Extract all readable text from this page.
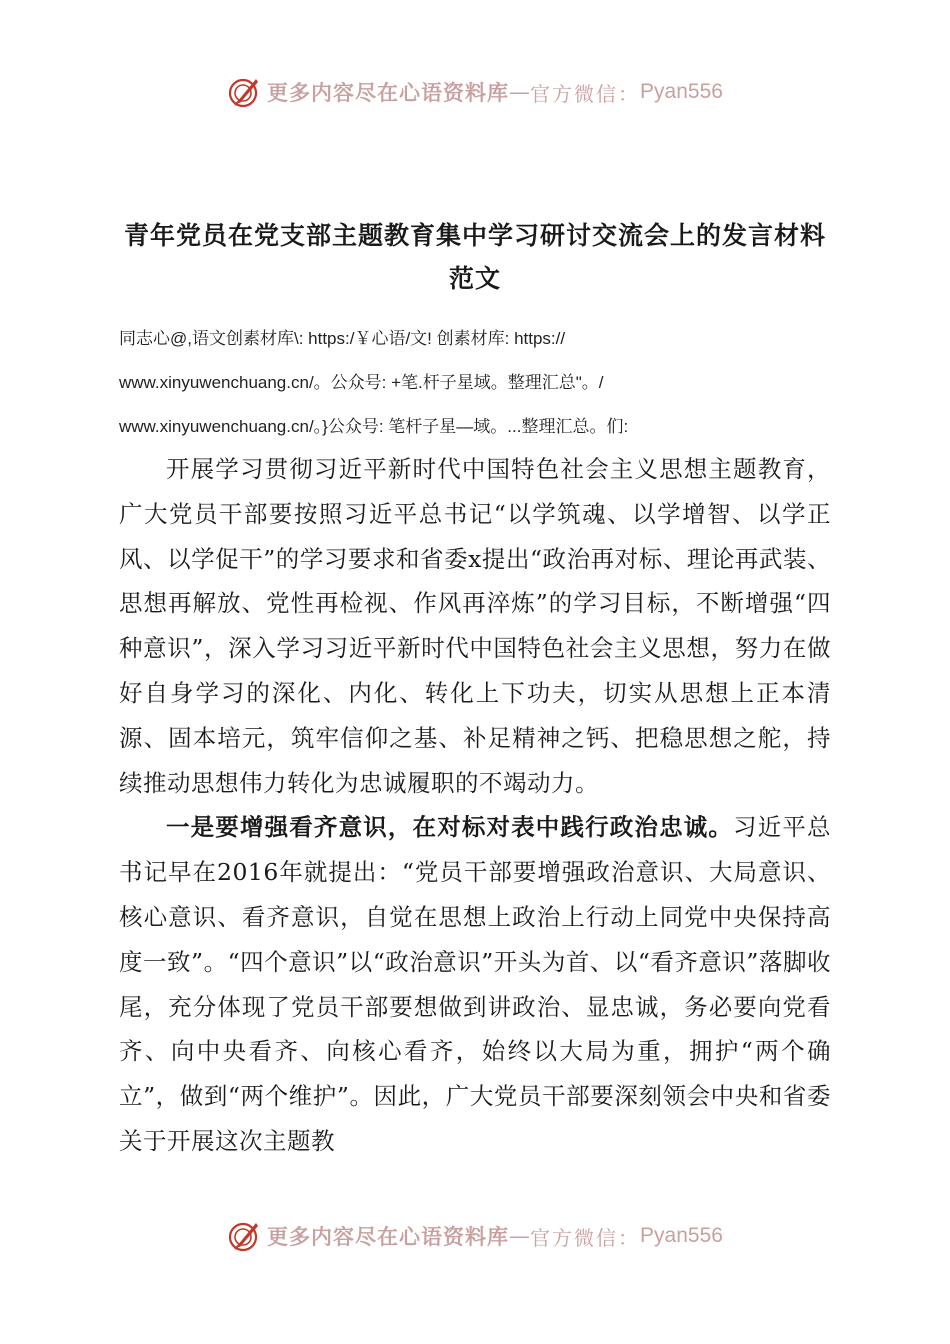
更多内容尽在心语资料库 — 官方微信： Pyan556
青年党员在党支部主题教育集中学习研讨交流会上的发言材料
范文
同志心@,语文创素材库\: https:/￥心语/文! 创素材库: https://
www.xinyuwenchuang.cn/。公众号: +笔.杆子星域。整理汇总"。/
www.xinyuwenchuang.cn/。}公众号: 笔杆子星—域。...整理汇总。们:

开展学习贯彻习近平新时代中国特色社会主义思想主题教育，广大党员干部要按照习近平总书记“以学筑魂、以学增智、以学正风、以学促干”的学习要求和省委x提出“政治再对标、理论再武装、思想再解放、党性再检视、作风再淬炼”的学习目标，不断增强“四种意识”，深入学习习近平新时代中国特色社会主义思想，努力在做好自身学习的深化、内化、转化上下功夫，切实从思想上正本清源、固本培元，筑牢信仰之基、补足精神之钙、把稳思想之舵，持续推动思想伟力转化为忠诚履职的不竭动力。

一是要增强看齐意识，在对标对表中践行政治忠诚。习近平总书记早在2016年就提出：“党员干部要增强政治意识、大局意识、核心意识、看齐意识，自觉在思想上政治上行动上同党中央保持高度一致”。“四个意识”以“政治意识”开头为首、以“看齐意识”落脚收尾，充分体现了党员干部要想做到讲政治、显忠诚，务必要向党看齐、向中央看齐、向核心看齐，始终以大局为重，拥护“两个确立”，做到“两个维护”。因此，广大党员干部要深刻领会中央和省委关于开展这次主题教

更多内容尽在心语资料库 — 官方微信： Pyan556
